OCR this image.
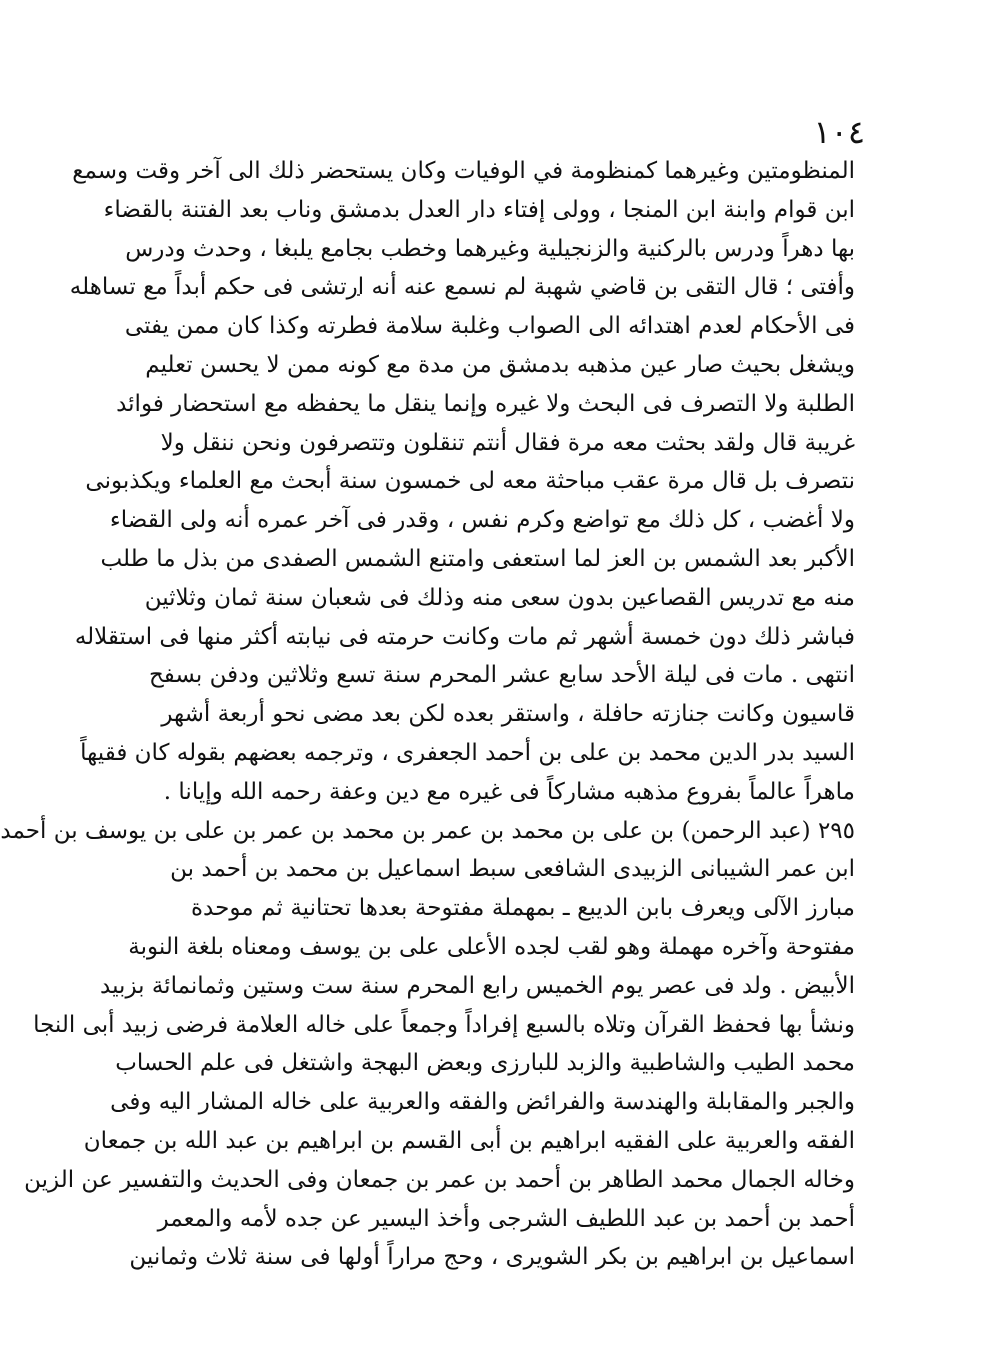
١٠٤
المنظومتين وغيرهما كمنظومة في الوفيات وكان يستحضر ذلك الى آخر وقت وسمع
ابن قوام وابنة ابن المنجا ، وولى إفتاء دار العدل بدمشق وناب بعد الفتنة بالقضاء
بها دهراً ودرس بالركنية والزنجيلية وغيرهما وخطب بجامع يلبغا ، وحدث ودرس
وأفتى ؛ قال التقى بن قاضي شهبة لم نسمع عنه أنه ارتشى فى حكم أبداً مع تساهله
فى الأحكام لعدم اهتدائه الى الصواب وغلبة سلامة فطرته وكذا كان ممن يفتى
ويشغل بحيث صار عين مذهبه بدمشق من مدة مع كونه ممن لا يحسن تعليم
الطلبة ولا التصرف فى البحث ولا غيره وإنما ينقل ما يحفظه مع استحضار فوائد
غريبة قال ولقد بحثت معه مرة فقال أنتم تنقلون وتتصرفون ونحن ننقل ولا
نتصرف بل قال مرة عقب مباحثة معه لى خمسون سنة أبحث مع العلماء ويكذبونى
ولا أغضب ، كل ذلك مع تواضع وكرم نفس ، وقدر فى آخر عمره أنه ولى القضاء
الأكبر بعد الشمس بن العز لما استعفى وامتنع الشمس الصفدى من بذل ما طلب
منه مع تدريس القصاعين بدون سعى منه وذلك فى شعبان سنة ثمان وثلاثين
فباشر ذلك دون خمسة أشهر ثم مات وكانت حرمته فى نيابته أكثر منها فى استقلاله
انتهى . مات فى ليلة الأحد سابع عشر المحرم سنة تسع وثلاثين ودفن بسفح
قاسيون وكانت جنازته حافلة ، واستقر بعده لكن بعد مضى نحو أربعة أشهر
السيد بدر الدين محمد بن على بن أحمد الجعفرى ، وترجمه بعضهم بقوله كان فقيهاً
ماهراً عالماً بفروع مذهبه مشاركاً فى غيره مع دين وعفة رحمه الله وإيانا .
٢٩٥ (عبد الرحمن) بن على بن محمد بن عمر بن محمد بن عمر بن على بن يوسف بن أحمد
ابن عمر الشيبانى الزبيدى الشافعى سبط اسماعيل بن محمد بن أحمد بن
مبارز الآلى ويعرف بابن الديبع ـ بمهملة مفتوحة بعدها تحتانية ثم موحدة
مفتوحة وآخره مهملة وهو لقب لجده الأعلى على بن يوسف ومعناه بلغة النوبة
الأبيض . ولد فى عصر يوم الخميس رابع المحرم سنة ست وستين وثمانمائة بزبيد
ونشأ بها فحفظ القرآن وتلاه بالسبع إفراداً وجمعاً على خاله العلامة فرضى زبيد أبى النجا
محمد الطيب والشاطبية والزبد للبارزى وبعض البهجة واشتغل فى علم الحساب
والجبر والمقابلة والهندسة والفرائض والفقه والعربية على خاله المشار اليه وفى
الفقه والعربية على الفقيه ابراهيم بن أبى القسم بن ابراهيم بن عبد الله بن جمعان
وخاله الجمال محمد الطاهر بن أحمد بن عمر بن جمعان وفى الحديث والتفسير عن الزين
أحمد بن أحمد بن عبد اللطيف الشرجى وأخذ اليسير عن جده لأمه والمعمر
اسماعيل بن ابراهيم بن بكر الشويرى ، وحج مراراً أولها فى سنة ثلاث وثمانين
